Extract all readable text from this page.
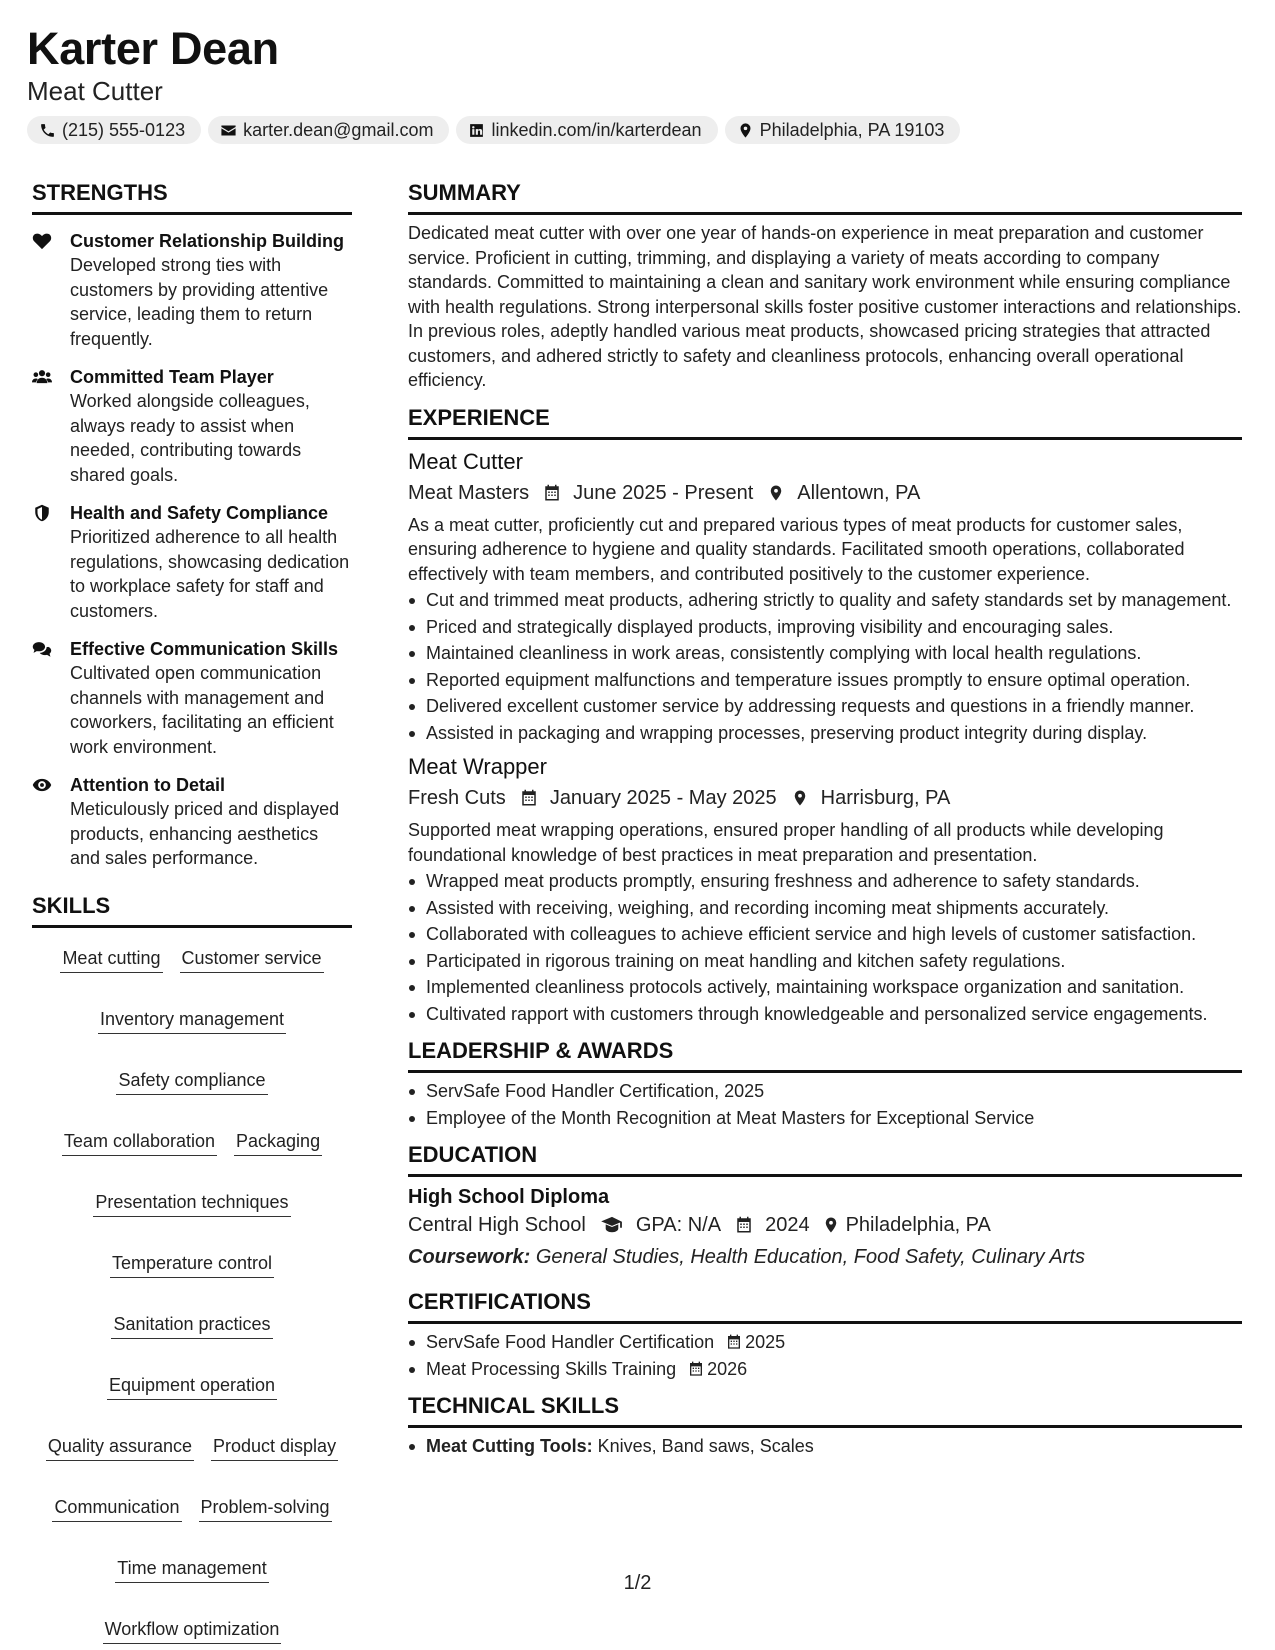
Karter Dean
Meat Cutter
(215) 555-0123	karter.dean@gmail.com	linkedin.com/in/karterdean	Philadelphia, PA 19103
STRENGTHS
Customer Relationship Building
Developed strong ties with customers by providing attentive service, leading them to return frequently.
Committed Team Player
Worked alongside colleagues, always ready to assist when needed, contributing towards shared goals.
Health and Safety Compliance
Prioritized adherence to all health regulations, showcasing dedication to workplace safety for staff and customers.
Effective Communication Skills
Cultivated open communication channels with management and coworkers, facilitating an efficient work environment.
Attention to Detail
Meticulously priced and displayed products, enhancing aesthetics and sales performance.
SKILLS
Meat cutting Customer service
Inventory management
Safety compliance
Team collaboration Packaging
Presentation techniques
Temperature control
Sanitation practices
Equipment operation
Quality assurance Product display
Communication Problem-solving
Time management
Workflow optimization
SUMMARY
Dedicated meat cutter with over one year of hands-on experience in meat preparation and customer service. Proficient in cutting, trimming, and displaying a variety of meats according to company standards. Committed to maintaining a clean and sanitary work environment while ensuring compliance with health regulations. Strong interpersonal skills foster positive customer interactions and relationships. In previous roles, adeptly handled various meat products, showcased pricing strategies that attracted customers, and adhered strictly to safety and cleanliness protocols, enhancing overall operational efficiency.
EXPERIENCE
Meat Cutter
Meat Masters June 2025 - Present Allentown, PA
As a meat cutter, proficiently cut and prepared various types of meat products for customer sales, ensuring adherence to hygiene and quality standards. Facilitated smooth operations, collaborated effectively with team members, and contributed positively to the customer experience.
Cut and trimmed meat products, adhering strictly to quality and safety standards set by management.
Priced and strategically displayed products, improving visibility and encouraging sales.
Maintained cleanliness in work areas, consistently complying with local health regulations.
Reported equipment malfunctions and temperature issues promptly to ensure optimal operation.
Delivered excellent customer service by addressing requests and questions in a friendly manner.
Assisted in packaging and wrapping processes, preserving product integrity during display.
Meat Wrapper
Fresh Cuts January 2025 - May 2025 Harrisburg, PA
Supported meat wrapping operations, ensured proper handling of all products while developing foundational knowledge of best practices in meat preparation and presentation.
Wrapped meat products promptly, ensuring freshness and adherence to safety standards.
Assisted with receiving, weighing, and recording incoming meat shipments accurately.
Collaborated with colleagues to achieve efficient service and high levels of customer satisfaction.
Participated in rigorous training on meat handling and kitchen safety regulations.
Implemented cleanliness protocols actively, maintaining workspace organization and sanitation.
Cultivated rapport with customers through knowledgeable and personalized service engagements.
LEADERSHIP & AWARDS
ServSafe Food Handler Certification, 2025
Employee of the Month Recognition at Meat Masters for Exceptional Service
EDUCATION
High School Diploma
Central High School	GPA: N/A 2024 Philadelphia, PA
Coursework: General Studies, Health Education, Food Safety, Culinary Arts
CERTIFICATIONS
ServSafe Food Handler Certification 2025
Meat Processing Skills Training 2026
TECHNICAL SKILLS
Meat Cutting Tools: Knives, Band saws, Scales
1/2
